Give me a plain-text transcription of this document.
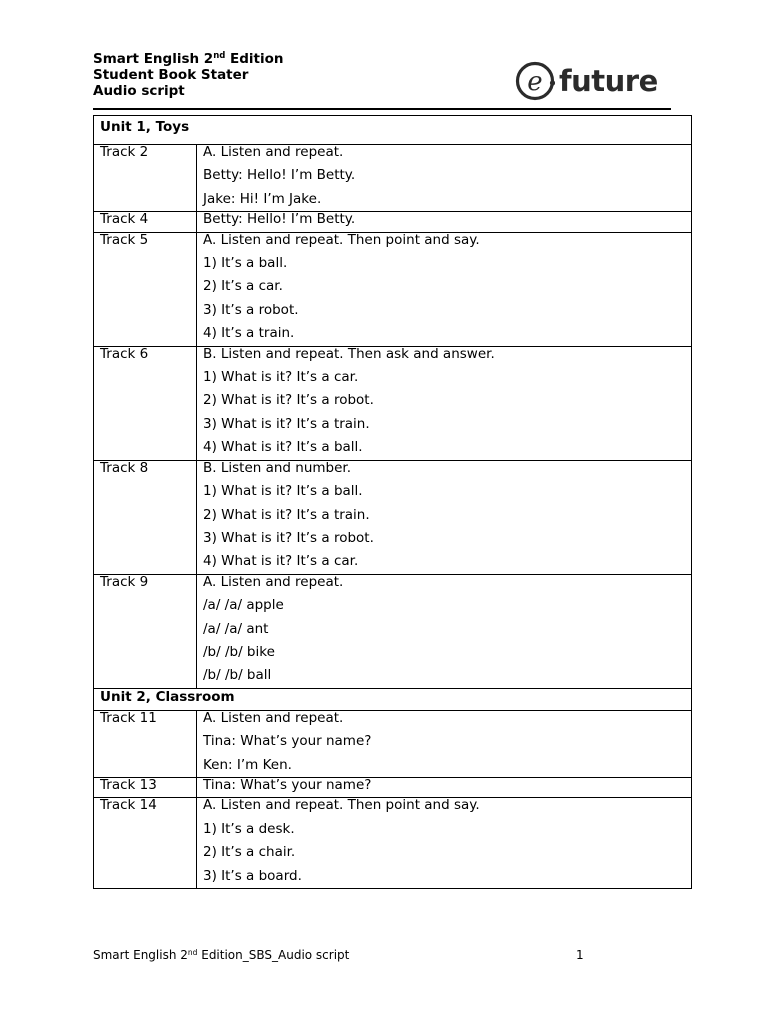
Smart English 2nd Edition
Student Book Stater
Audio script	e future
Unit 1, Toys	

Track 2	A. Listen and repeat.
Betty: Hello! I’m Betty.
Jake: Hi! I’m Jake.

Track 4	Betty: Hello! I’m Betty.

Track 5	A. Listen and repeat. Then point and say.
1) It’s a ball.
2) It’s a car.
3) It’s a robot.
4) It’s a train.

Track 6	B. Listen and repeat. Then ask and answer.
1) What is it? It’s a car.
2) What is it? It’s a robot.
3) What is it? It’s a train.
4) What is it? It’s a ball.

Track 8	B. Listen and number.
1) What is it? It’s a ball.
2) What is it? It’s a train.
3) What is it? It’s a robot.
4) What is it? It’s a car.

Track 9	A. Listen and repeat.
/a/ /a/ apple
/a/ /a/ ant
/b/ /b/ bike
/b/ /b/ ball

Unit 2, Classroom	

Track 11	A. Listen and repeat.
Tina: What’s your name?
Ken: I’m Ken.

Track 13	Tina: What’s your name?

Track 14	A. Listen and repeat. Then point and say.
1) It’s a desk.
2) It’s a chair.
3) It’s a board.
Smart English 2nd Edition_SBS_Audio script	1
